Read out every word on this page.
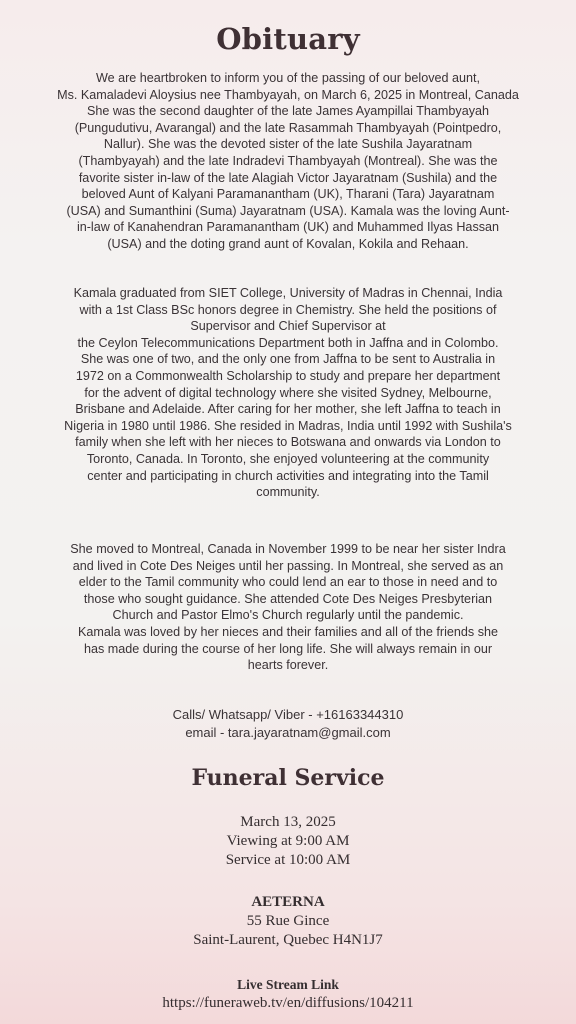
Obituary
We are heartbroken to inform you of the passing of our beloved aunt,
Ms. Kamaladevi Aloysius nee Thambyayah, on March 6, 2025 in Montreal, Canada
She was the second daughter of the late James Ayampillai Thambyayah
(Pungudutivu, Avarangal) and the late Rasammah Thambyayah (Pointpedro,
Nallur). She was the devoted sister of the late Sushila Jayaratnam
(Thambyayah) and the late Indradevi Thambyayah (Montreal). She was the
favorite sister in-law of the late Alagiah Victor Jayaratnam (Sushila) and the
beloved Aunt of Kalyani Paramanantham (UK), Tharani (Tara) Jayaratnam
(USA) and Sumanthini (Suma) Jayaratnam (USA). Kamala was the loving Aunt-
in-law of Kanahendran Paramanantham (UK) and Muhammed Ilyas Hassan
(USA) and the doting grand aunt of Kovalan, Kokila and Rehaan.
Kamala graduated from SIET College, University of Madras in Chennai, India
with a 1st Class BSc honors degree in Chemistry. She held the positions of
Supervisor and Chief Supervisor at
the Ceylon Telecommunications Department both in Jaffna and in Colombo.
She was one of two, and the only one from Jaffna to be sent to Australia in
1972 on a Commonwealth Scholarship to study and prepare her department
for the advent of digital technology where she visited Sydney, Melbourne,
Brisbane and Adelaide. After caring for her mother, she left Jaffna to teach in
Nigeria in 1980 until 1986. She resided in Madras, India until 1992 with Sushila's
family when she left with her nieces to Botswana and onwards via London to
Toronto, Canada. In Toronto, she enjoyed volunteering at the community
center and participating in church activities and integrating into the Tamil
community.
She moved to Montreal, Canada in November 1999 to be near her sister Indra
and lived in Cote Des Neiges until her passing. In Montreal, she served as an
elder to the Tamil community who could lend an ear to those in need and to
those who sought guidance. She attended Cote Des Neiges Presbyterian
Church and Pastor Elmo's Church regularly until the pandemic.
Kamala was loved by her nieces and their families and all of the friends she
has made during the course of her long life. She will always remain in our
hearts forever.
Calls/ Whatsapp/ Viber - +16163344310
email - tara.jayaratnam@gmail.com
Funeral Service
March 13, 2025
Viewing at 9:00 AM
Service at 10:00 AM
AETERNA
55 Rue Gince
Saint-Laurent, Quebec H4N1J7
Live Stream Link
https://funeraweb.tv/en/diffusions/104211
